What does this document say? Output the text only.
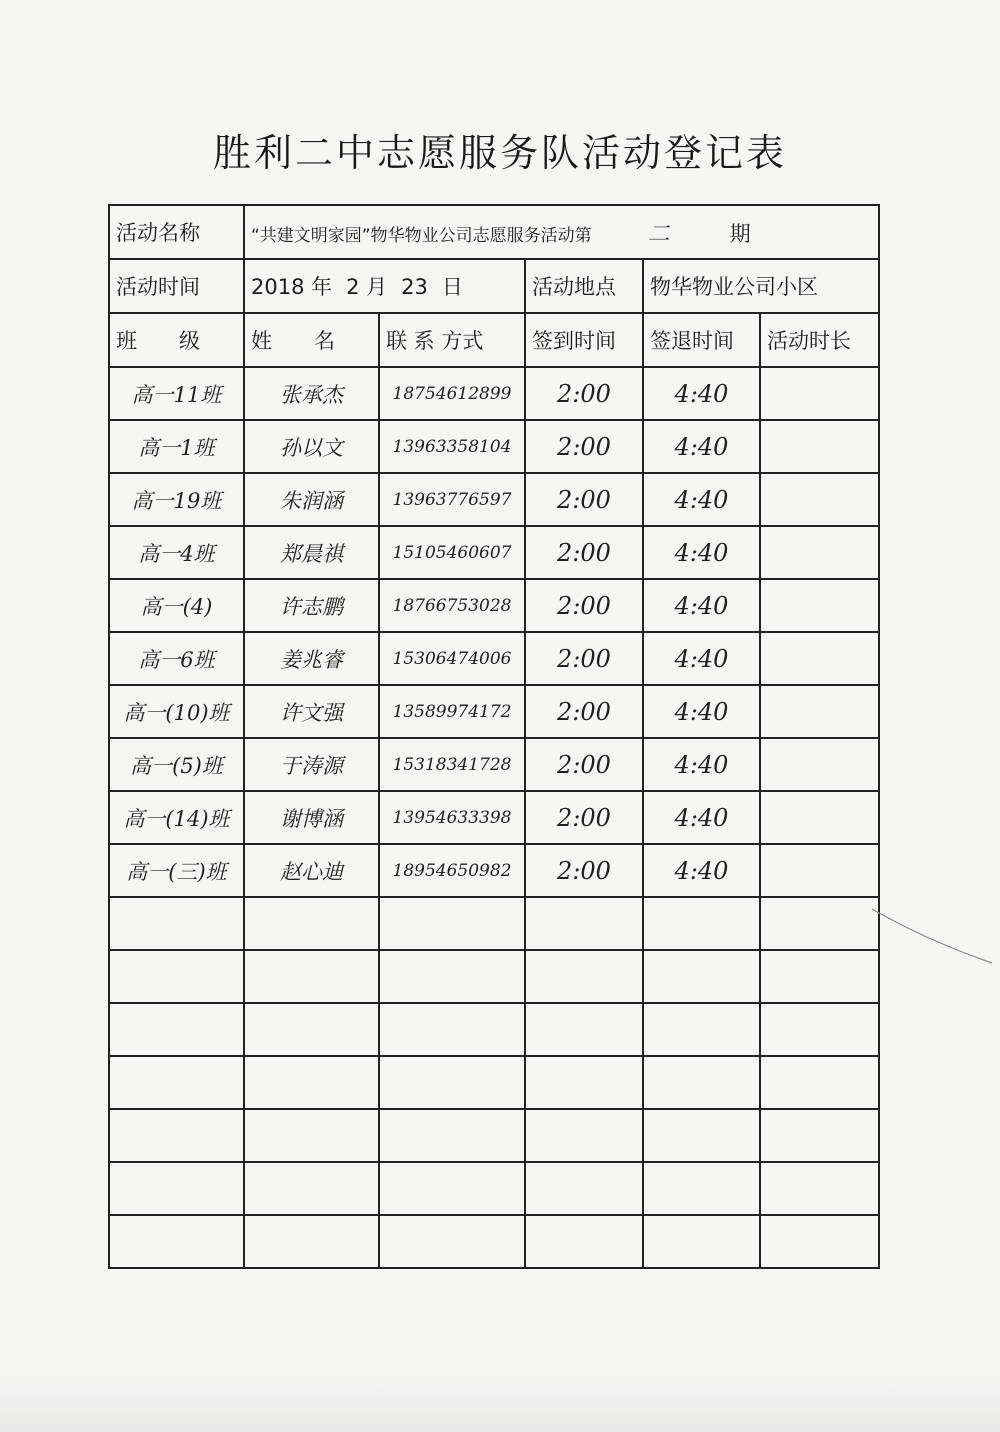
胜利二中志愿服务队活动登记表
活动名称	“共建文明家园”物华物业公司志愿服务活动第 二 期				
活动时间	2018 年 2 月 23 日		活动地点	物华物业公司小区	
班　　级	姓　　名	联 系 方式	签到时间	签退时间	活动时长
高一11班	张承杰	18754612899	2:00	4:40	
高一1班	孙以文	13963358104	2:00	4:40	
高一19班	朱润涵	13963776597	2:00	4:40	
高一4班	郑晨祺	15105460607	2:00	4:40	
高一(4)	许志鹏	18766753028	2:00	4:40	
高一6班	姜兆睿	15306474006	2:00	4:40	
高一(10)班	许文强	13589974172	2:00	4:40	
高一(5)班	于涛源	15318341728	2:00	4:40	
高一(14)班	谢博涵	13954633398	2:00	4:40	
高一(三)班	赵心迪	18954650982	2:00	4:40	
